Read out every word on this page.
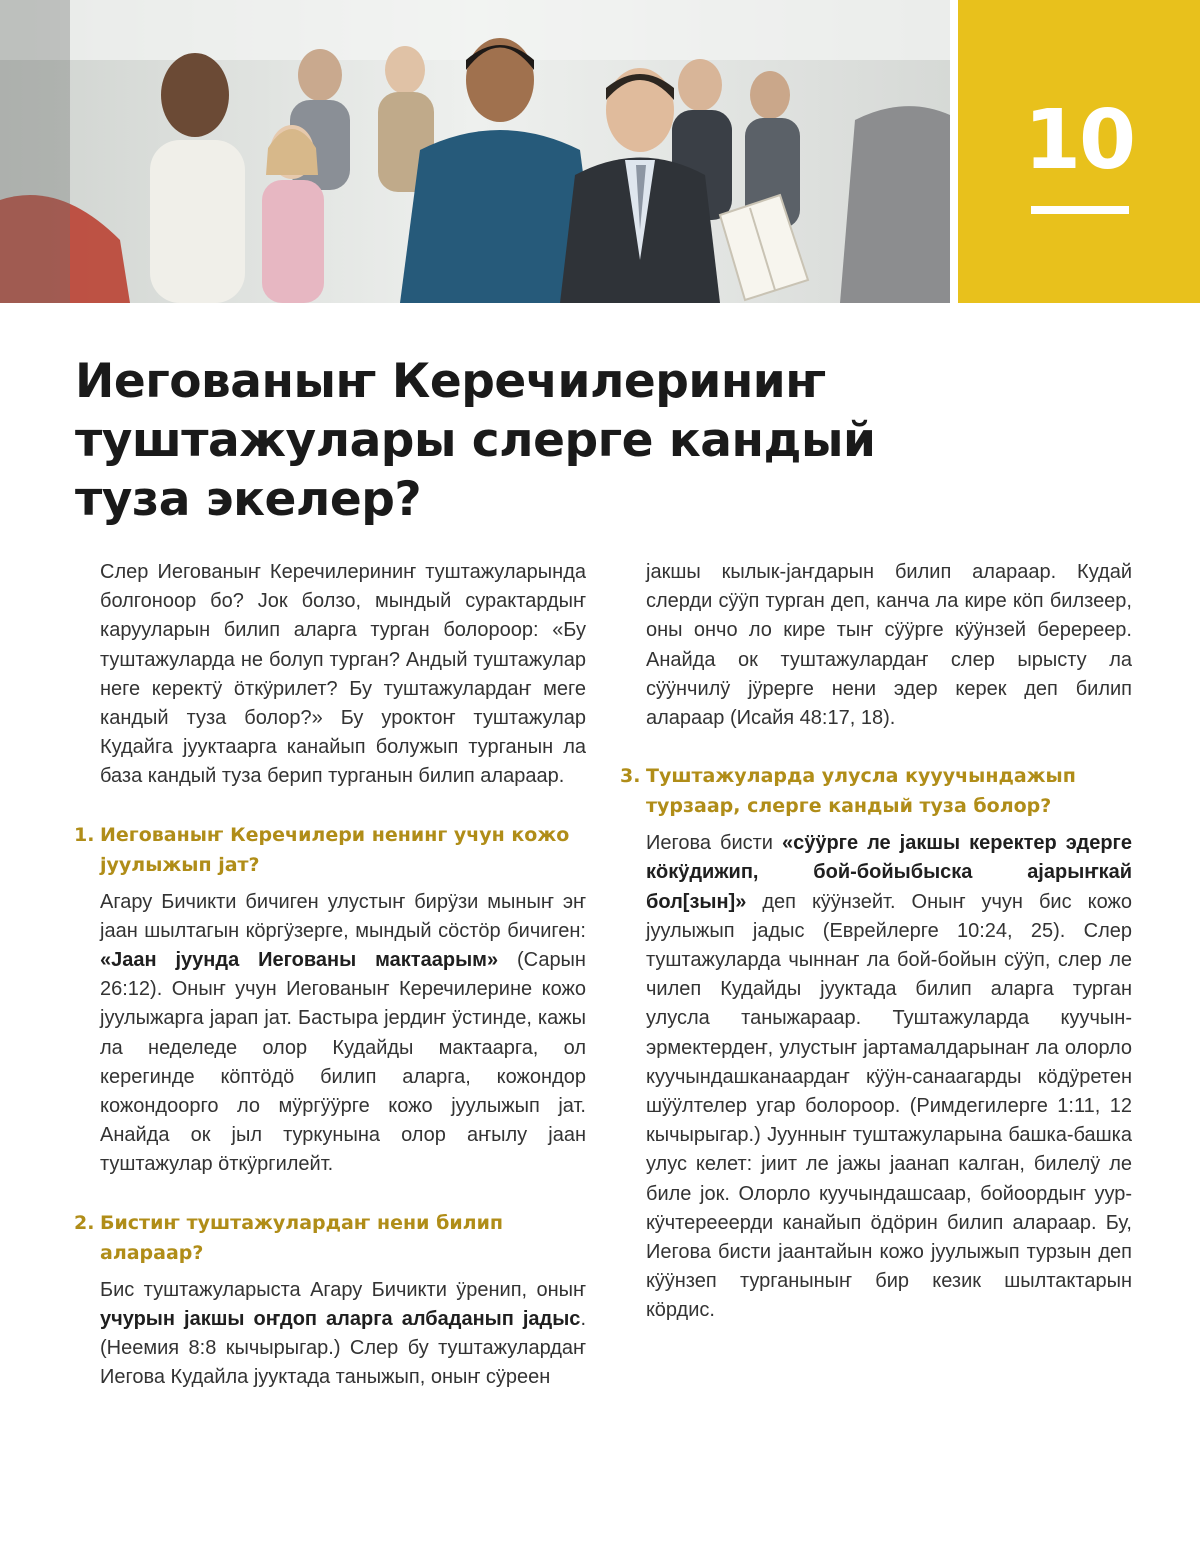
10
Иегованыҥ Керечилериниҥ туштажулары слерге кандый туза экелер?

Слер Иегованыҥ Керечилериниҥ туштажуларында болгоноор бо? Јок болзо, мындый сурактардыҥ карууларын билип аларга турган болороор: «Бу туштажуларда не болуп турган? Андый туштажулар неге керектӱ ӧткӱрилет? Бу туштажулардаҥ меге кандый туза болор?» Бу уроктоҥ туштажулар Кудайга јууктаарга канайып болужып турганын ла база кандый туза берип турганын билип алараар.

1. Иегованыҥ Керечилери ненинг учун кожо јуулыжып јат?

Агару Бичикти бичиген улустыҥ бирӱзи мыныҥ эҥ јаан шылтагын кӧргӱзерге, мындый сӧстӧр бичиген: «Јаан јуунда Иегованы мактаарым» (Сарын 26:12). Оныҥ учун Иегованыҥ Керечилерине кожо јуулыжарга јарап јат. Бастыра јердиҥ ӱстинде, кажы ла неделеде олор Кудайды мактаарга, ол керегинде кӧптӧдӧ билип аларга, кожондор кожондоорго ло мӱргӱӱрге кожо јуулыжып јат. Анайда ок јыл туркунына олор аҥылу јаан туштажулар ӧткӱргилейт.

2. Бистиҥ туштажулардаҥ нени билип алараар?

Бис туштажуларыста Агару Бичикти ӱренип, оныҥ учурын јакшы оҥдоп аларга албаданып јадыс. (Неемия 8:8 кычырыгар.) Слер бу туштажулардаҥ Иегова Кудайла јууктада таныжып, оныҥ сӱреен

јакшы кылык-јаҥдарын билип алараар. Кудай слерди сӱӱп турган деп, канча ла кире кӧп билзеер, оны ончо ло кире тыҥ сӱӱрге кӱӱнзей беререер. Анайда ок туштажулардаҥ слер ырысту ла сӱӱнчилӱ јӱрерге нени эдер керек деп билип алараар (Исайя 48:17, 18).

3. Туштажуларда улусла кууучындажып турзаар, слерге кандый туза болор?

Иегова бисти «сӱӱрге ле јакшы керектер эдерге кӧкӱдижип, бой-бойыбыска ајарыҥкай бол[зын]» деп кӱӱнзейт. Оныҥ учун бис кожо јуулыжып јадыс (Еврейлерге 10:24, 25). Слер туштажуларда чыннаҥ ла бой-бойын сӱӱп, слер ле чилеп Кудайды јууктада билип аларга турган улусла таныжараар. Туштажуларда куучын-эрмектердеҥ, улустыҥ јартамалдарынаҥ ла олорло куучындашканаардаҥ кӱӱн-санаагарды кӧдӱретен шӱӱлтелер угар болороор. (Римдегилерге 1:11, 12 кычырыгар.) Јуунныҥ туштажуларына башка-башка улус келет: јиит ле јажы јаанап калган, билелӱ ле биле јок. Олорло куучындашсаар, бойоордыҥ уур-кӱчтерееерди канайып ӧдӧрин билип алараар. Бу, Иегова бисти јаантайын кожо јуулыжып турзын деп кӱӱнзеп турганыныҥ бир кезик шылтактарын кӧрдис.
